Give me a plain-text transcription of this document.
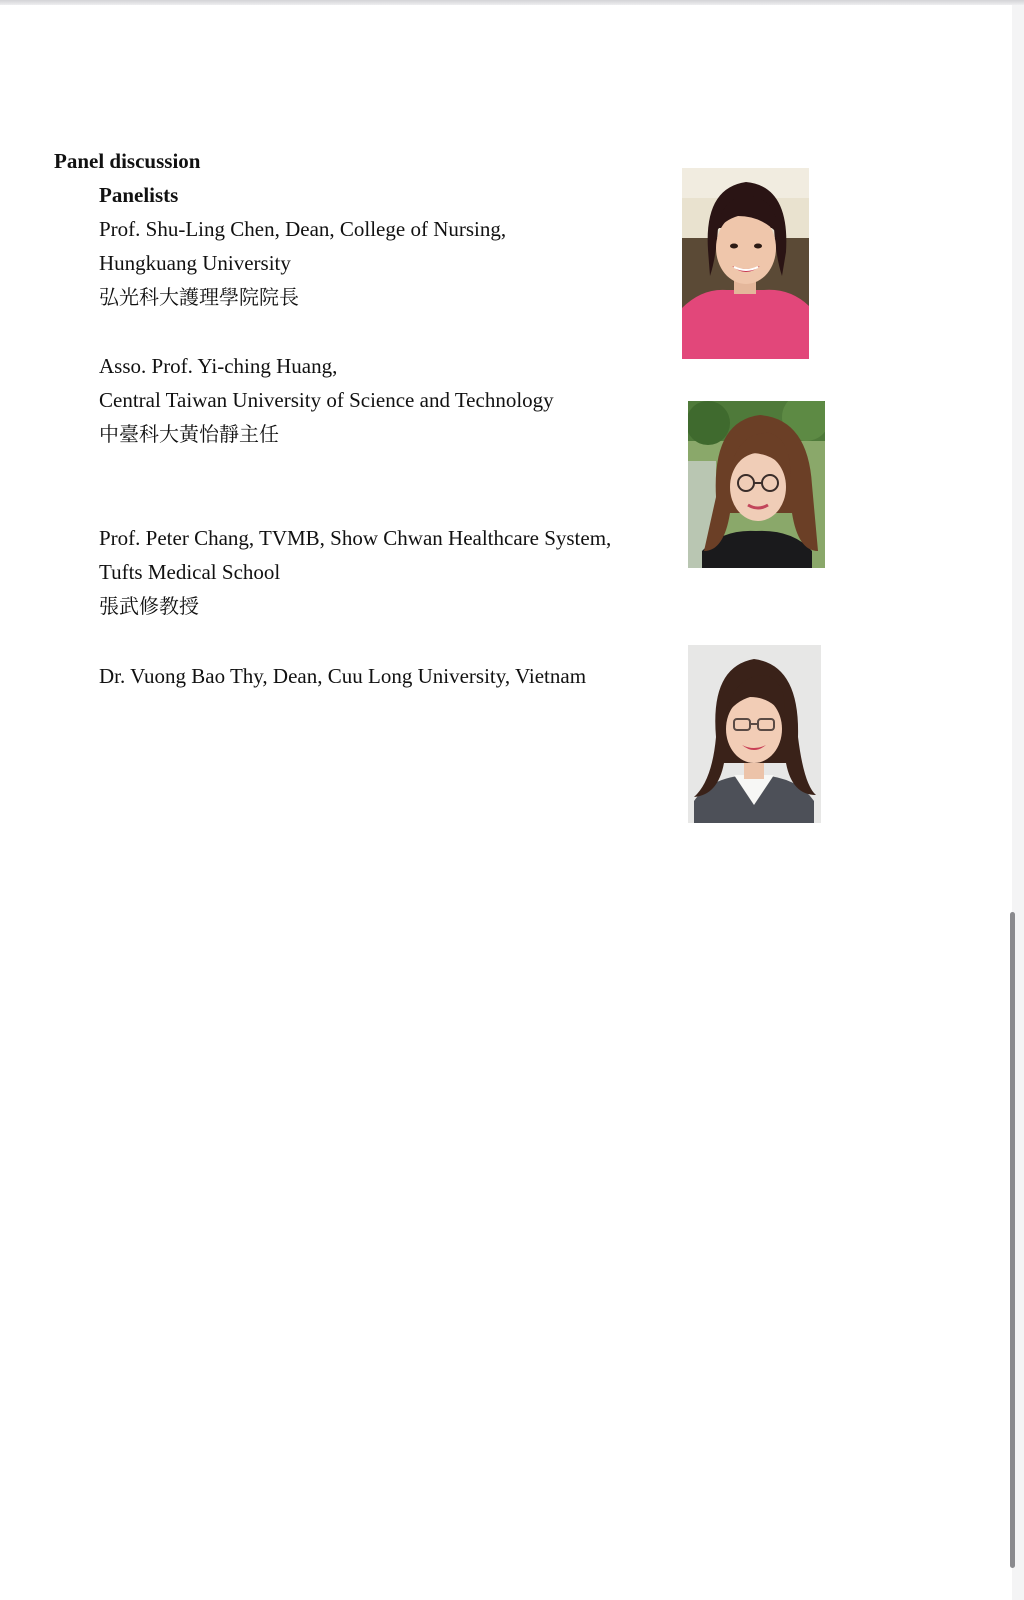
Panel discussion
Panelists
Prof. Shu-Ling Chen, Dean, College of Nursing,
Hungkuang University
弘光科大護理學院院長
Asso. Prof. Yi-ching Huang,
Central Taiwan University of Science and Technology
中臺科大黃怡靜主任
Prof. Peter Chang, TVMB, Show Chwan Healthcare System,
Tufts Medical School
張武修教授
Dr. Vuong Bao Thy, Dean, Cuu Long University, Vietnam
